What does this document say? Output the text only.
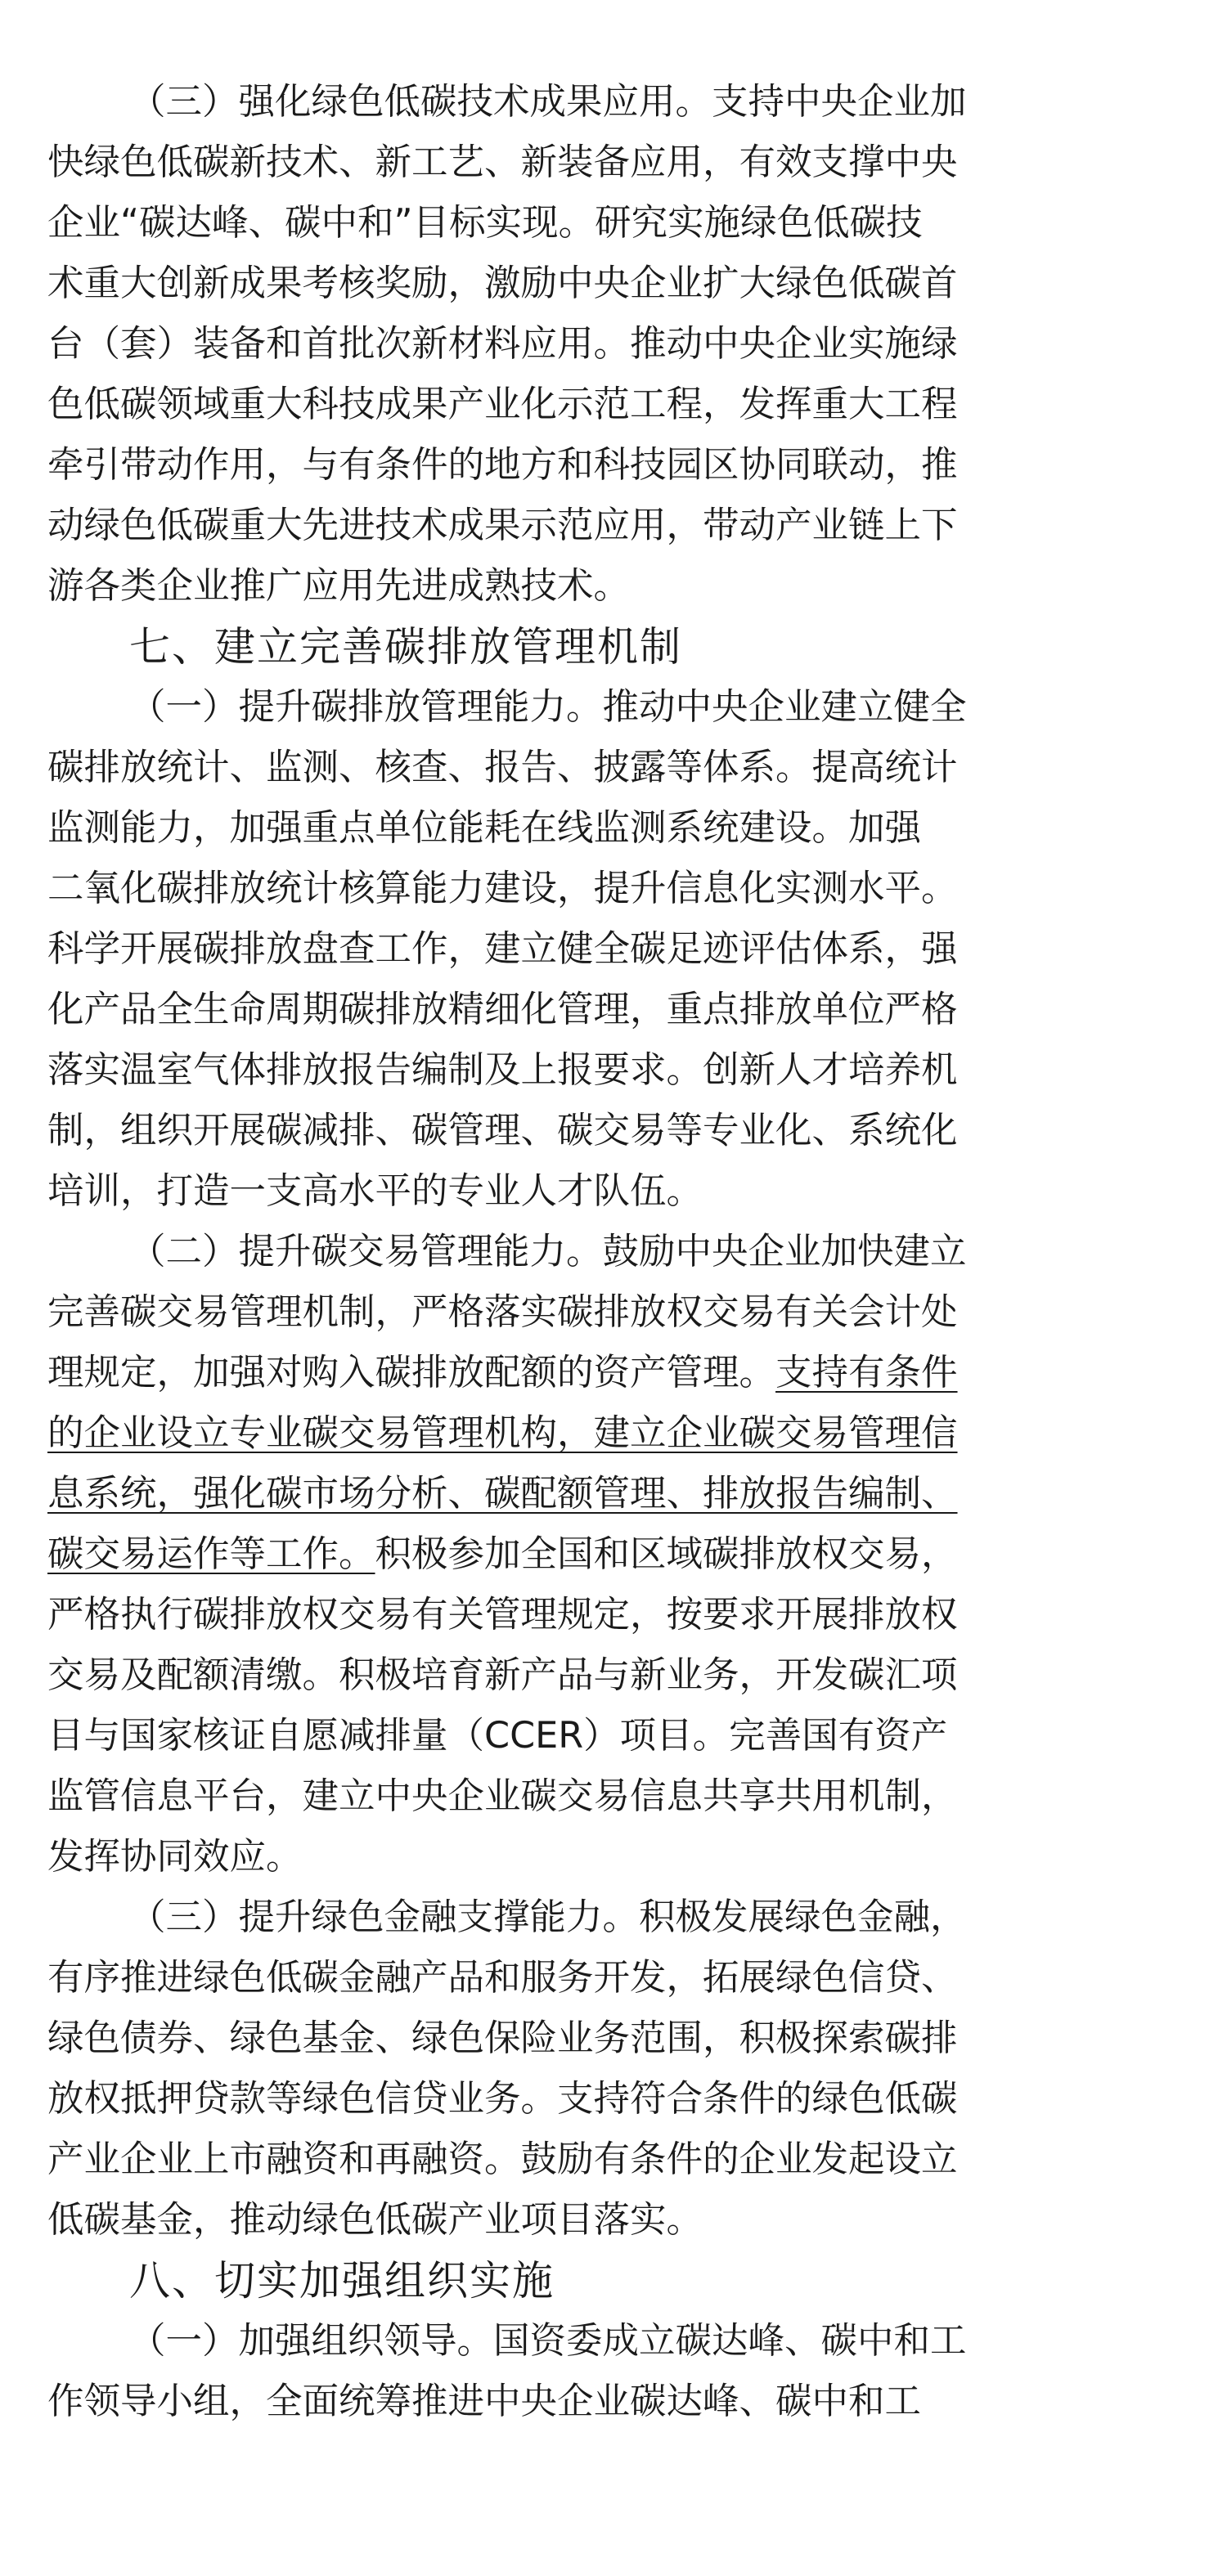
（三）强化绿色低碳技术成果应用。支持中央企业加
快绿色低碳新技术、新工艺、新装备应用，有效支撑中央
企业“碳达峰、碳中和”目标实现。研究实施绿色低碳技
术重大创新成果考核奖励，激励中央企业扩大绿色低碳首
台（套）装备和首批次新材料应用。推动中央企业实施绿
色低碳领域重大科技成果产业化示范工程，发挥重大工程
牵引带动作用，与有条件的地方和科技园区协同联动，推
动绿色低碳重大先进技术成果示范应用，带动产业链上下
游各类企业推广应用先进成熟技术。
七、建立完善碳排放管理机制
（一）提升碳排放管理能力。推动中央企业建立健全
碳排放统计、监测、核查、报告、披露等体系。提高统计
监测能力，加强重点单位能耗在线监测系统建设。加强
二氧化碳排放统计核算能力建设，提升信息化实测水平。
科学开展碳排放盘查工作，建立健全碳足迹评估体系，强
化产品全生命周期碳排放精细化管理，重点排放单位严格
落实温室气体排放报告编制及上报要求。创新人才培养机
制，组织开展碳减排、碳管理、碳交易等专业化、系统化
培训，打造一支高水平的专业人才队伍。
（二）提升碳交易管理能力。鼓励中央企业加快建立
完善碳交易管理机制，严格落实碳排放权交易有关会计处
理规定，加强对购入碳排放配额的资产管理。支持有条件
的企业设立专业碳交易管理机构，建立企业碳交易管理信
息系统，强化碳市场分析、碳配额管理、排放报告编制、
碳交易运作等工作。积极参加全国和区域碳排放权交易，
严格执行碳排放权交易有关管理规定，按要求开展排放权
交易及配额清缴。积极培育新产品与新业务，开发碳汇项
目与国家核证自愿减排量（CCER）项目。完善国有资产
监管信息平台，建立中央企业碳交易信息共享共用机制，
发挥协同效应。
（三）提升绿色金融支撑能力。积极发展绿色金融，
有序推进绿色低碳金融产品和服务开发，拓展绿色信贷、
绿色债券、绿色基金、绿色保险业务范围，积极探索碳排
放权抵押贷款等绿色信贷业务。支持符合条件的绿色低碳
产业企业上市融资和再融资。鼓励有条件的企业发起设立
低碳基金，推动绿色低碳产业项目落实。
八、切实加强组织实施
（一）加强组织领导。国资委成立碳达峰、碳中和工
作领导小组，全面统筹推进中央企业碳达峰、碳中和工
